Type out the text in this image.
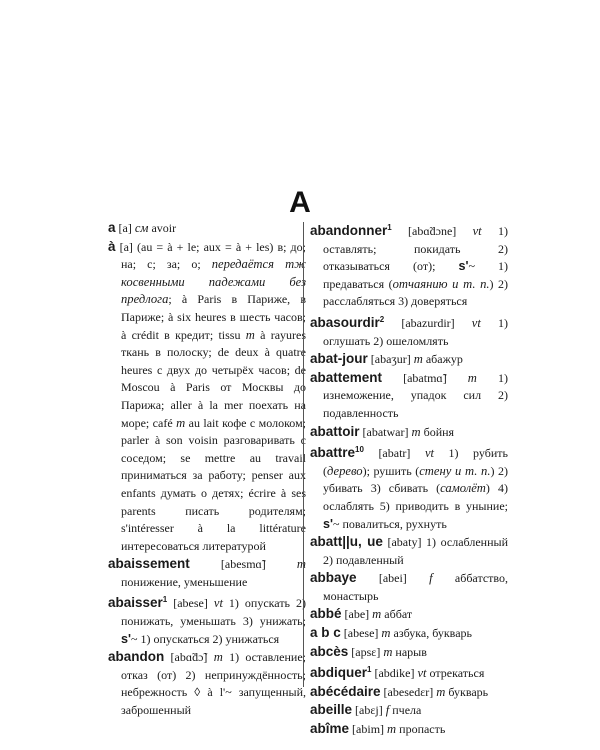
A

a [a] см avoir

à [a] (au = à + le; aux = à + les) в; до; на; с; за; о; передаётся тж косвенными падежами без предлога; à Paris в Париже, в Париже; à six heures в шесть часов; à crédit в кредит; tissu m à rayures ткань в полоску; de deux à quatre heures с двух до четырёх часов; de Moscou à Paris от Москвы до Парижа; aller à la mer поехать на море; café m au lait кофе с молоком; parler à son voisin разговаривать с соседом; se mettre au travail приниматься за работу; penser aux enfants думать о детях; écrire à ses parents писать родителям; s'intéresser à la littérature интересоваться литературой

abaissement [abesmɑ̃] m понижение, уменьшение

abaisser$^1$ [abese] vt 1) опускать 2) понижать, уменьшать 3) унижать; s'~ 1) опускаться 2) унижаться

abandon [abɑ̃dɔ̃] m 1) оставление; отказ (от) 2) непринуждённость; небрежность ◊ à l'~ запущенный, заброшенный

abandonner$^1$ [abɑ̃dɔne] vt 1) оставлять; покидать 2) отказываться (от); s'~ 1) предаваться (отчаянию и т. п.) 2) расслабляться 3) доверяться

abasourdir$^2$ [abazurdir] vt 1) оглушать 2) ошеломлять

abat-jour [abaʒur] m абажур

abattement [abatmɑ̃] m 1) изнеможение, упадок сил 2) подавленность

abattoir [abatwar] m бойня

abattre$^{10}$ [abatr] vt 1) рубить (дерево); рушить (стену и т. п.) 2) убивать 3) сбивать (самолёт) 4) ослаблять 5) приводить в уныние; s'~ повалиться, рухнуть

abatt||u, ue [abaty] 1) ослабленный 2) подавленный

abbaye [abei] f аббатство, монастырь

abbé [abe] m аббат

a b c [abese] m азбука, букварь

abcès [apsɛ] m нарыв

abdiquer$^1$ [abdike] vt отрекаться

abécédaire [abesedɛr] m букварь

abeille [abɛj] f пчела

abîme [abim] m пропасть
